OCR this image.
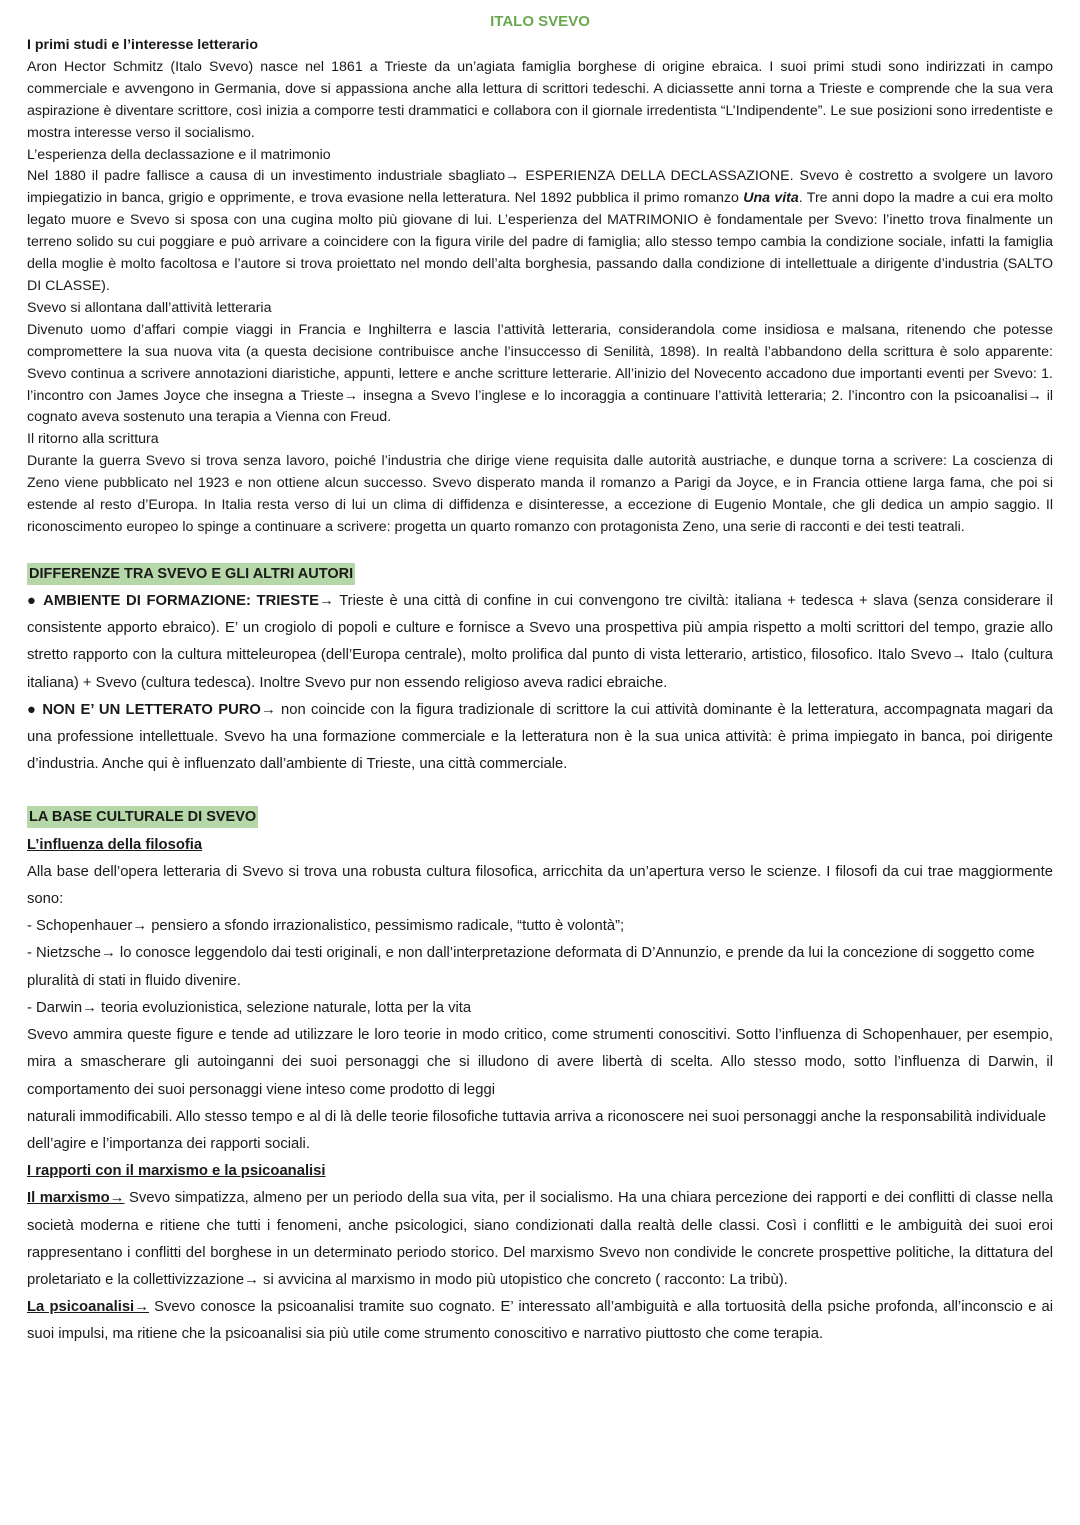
ITALO SVEVO

I primi studi e l’interesse letterario

Aron Hector Schmitz (Italo Svevo) nasce nel 1861 a Trieste da un’agiata famiglia borghese di origine ebraica. I suoi primi studi sono indirizzati in campo commerciale e avvengono in Germania, dove si appassiona anche alla lettura di scrittori tedeschi. A diciassette anni torna a Trieste e comprende che la sua vera aspirazione è diventare scrittore, così inizia a comporre testi drammatici e collabora con il giornale irredentista “L’Indipendente”. Le sue posizioni sono irredentiste e mostra interesse verso il socialismo.

L’esperienza della declassazione e il matrimonio

Nel 1880 il padre fallisce a causa di un investimento industriale sbagliato→ ESPERIENZA DELLA DECLASSAZIONE. Svevo è costretto a svolgere un lavoro impiegatizio in banca, grigio e opprimente, e trova evasione nella letteratura. Nel 1892 pubblica il primo romanzo Una vita. Tre anni dopo la madre a cui era molto legato muore e Svevo si sposa con una cugina molto più giovane di lui. L’esperienza del MATRIMONIO è fondamentale per Svevo: l’inetto trova finalmente un terreno solido su cui poggiare e può arrivare a coincidere con la figura virile del padre di famiglia; allo stesso tempo cambia la condizione sociale, infatti la famiglia della moglie è molto facoltosa e l’autore si trova proiettato nel mondo dell’alta borghesia, passando dalla condizione di intellettuale a dirigente d’industria (SALTO DI CLASSE).

Svevo si allontana dall’attività letteraria

Divenuto uomo d’affari compie viaggi in Francia e Inghilterra e lascia l’attività letteraria, considerandola come insidiosa e malsana, ritenendo che potesse compromettere la sua nuova vita (a questa decisione contribuisce anche l’insuccesso di Senilità, 1898). In realtà l’abbandono della scrittura è solo apparente: Svevo continua a scrivere annotazioni diaristiche, appunti, lettere e anche scritture letterarie. All’inizio del Novecento accadono due importanti eventi per Svevo: 1. l’incontro con James Joyce che insegna a Trieste→ insegna a Svevo l’inglese e lo incoraggia a continuare l’attività letteraria; 2. l’incontro con la psicoanalisi→ il cognato aveva sostenuto una terapia a Vienna con Freud.

Il ritorno alla scrittura

Durante la guerra Svevo si trova senza lavoro, poiché l’industria che dirige viene requisita dalle autorità austriache, e dunque torna a scrivere: La coscienza di Zeno viene pubblicato nel 1923 e non ottiene alcun successo. Svevo disperato manda il romanzo a Parigi da Joyce, e in Francia ottiene larga fama, che poi si estende al resto d’Europa. In Italia resta verso di lui un clima di diffidenza e disinteresse, a eccezione di Eugenio Montale, che gli dedica un ampio saggio. Il riconoscimento europeo lo spinge a continuare a scrivere: progetta un quarto romanzo con protagonista Zeno, una serie di racconti e dei testi teatrali.

DIFFERENZE TRA SVEVO E GLI ALTRI AUTORI

● AMBIENTE DI FORMAZIONE: TRIESTE→ Trieste è una città di confine in cui convengono tre civiltà: italiana + tedesca + slava (senza considerare il consistente apporto ebraico). E’ un crogiolo di popoli e culture e fornisce a Svevo una prospettiva più ampia rispetto a molti scrittori del tempo, grazie allo stretto rapporto con la cultura mitteleuropea (dell’Europa centrale), molto prolifica dal punto di vista letterario, artistico, filosofico. Italo Svevo→ Italo (cultura italiana) + Svevo (cultura tedesca). Inoltre Svevo pur non essendo religioso aveva radici ebraiche.

● NON E’ UN LETTERATO PURO→ non coincide con la figura tradizionale di scrittore la cui attività dominante è la letteratura, accompagnata magari da una professione intellettuale. Svevo ha una formazione commerciale e la letteratura non è la sua unica attività: è prima impiegato in banca, poi dirigente d’industria. Anche qui è influenzato dall’ambiente di Trieste, una città commerciale.

LA BASE CULTURALE DI SVEVO

L’influenza della filosofia

Alla base dell’opera letteraria di Svevo si trova una robusta cultura filosofica, arricchita da un’apertura verso le scienze. I filosofi da cui trae maggiormente sono:

- Schopenhauer→ pensiero a sfondo irrazionalistico, pessimismo radicale, “tutto è volontà”;

- Nietzsche→ lo conosce leggendolo dai testi originali, e non dall’interpretazione deformata di D’Annunzio, e prende da lui la concezione di soggetto come pluralità di stati in fluido divenire.

- Darwin→ teoria evoluzionistica, selezione naturale, lotta per la vita

Svevo ammira queste figure e tende ad utilizzare le loro teorie in modo critico, come strumenti conoscitivi. Sotto l’influenza di Schopenhauer, per esempio, mira a smascherare gli autoinganni dei suoi personaggi che si illudono di avere libertà di scelta. Allo stesso modo, sotto l’influenza di Darwin, il comportamento dei suoi personaggi viene inteso come prodotto di leggi

naturali immodificabili. Allo stesso tempo e al di là delle teorie filosofiche tuttavia arriva a riconoscere nei suoi personaggi anche la responsabilità individuale dell’agire e l’importanza dei rapporti sociali.

I rapporti con il marxismo e la psicoanalisi

Il marxismo→ Svevo simpatizza, almeno per un periodo della sua vita, per il socialismo. Ha una chiara percezione dei rapporti e dei conflitti di classe nella società moderna e ritiene che tutti i fenomeni, anche psicologici, siano condizionati dalla realtà delle classi. Così i conflitti e le ambiguità dei suoi eroi rappresentano i conflitti del borghese in un determinato periodo storico. Del marxismo Svevo non condivide le concrete prospettive politiche, la dittatura del proletariato e la collettivizzazione→ si avvicina al marxismo in modo più utopistico che concreto ( racconto: La tribù).

La psicoanalisi→ Svevo conosce la psicoanalisi tramite suo cognato. E’ interessato all’ambiguità e alla tortuosità della psiche profonda, all’inconscio e ai suoi impulsi, ma ritiene che la psicoanalisi sia più utile come strumento conoscitivo e narrativo piuttosto che come terapia.
